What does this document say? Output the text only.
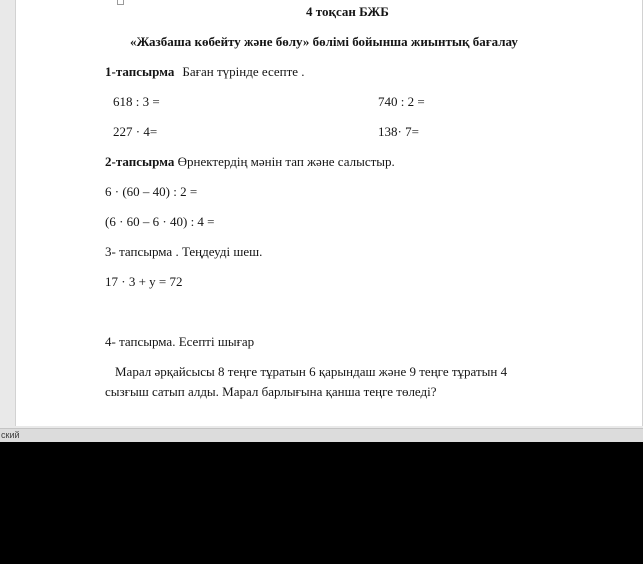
4 тоқсан БЖБ
«Жазбаша көбейту және бөлу» бөлімі бойынша жиынтық бағалау
1-тапсырма Баған түрінде есепте .
618 : 3 =	740 : 2 =
227 · 4=	138· 7=
2-тапсырма Өрнектердің мәнін тап және салыстыр.
6 · (60 – 40) : 2 =
(6 · 60 – 6 · 40) : 4 =
3- тапсырма . Теңдеуді шеш.
17 · 3 + у = 72
4- тапсырма. Есепті шығар
Марал әрқайсысы 8 теңге тұратын 6 қарындаш және 9 теңге тұратын 4
сызғыш сатып алды. Марал барлығына қанша теңге төледі?
ский
